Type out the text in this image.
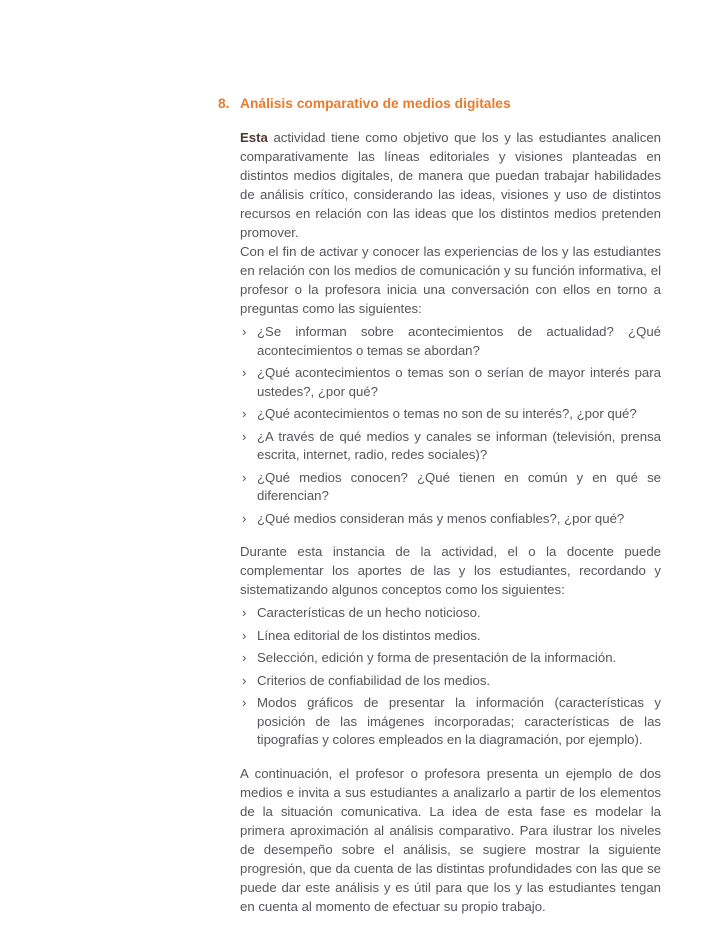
8. Análisis comparativo de medios digitales

Esta actividad tiene como objetivo que los y las estudiantes analicen comparativamente las líneas editoriales y visiones planteadas en distintos medios digitales, de manera que puedan trabajar habilidades de análisis crítico, considerando las ideas, visiones y uso de distintos recursos en relación con las ideas que los distintos medios pretenden promover.

Con el fin de activar y conocer las experiencias de los y las estudiantes en relación con los medios de comunicación y su función informativa, el profesor o la profesora inicia una conversación con ellos en torno a preguntas como las siguientes:

› ¿Se informan sobre acontecimientos de actualidad? ¿Qué acontecimientos o temas se abordan?
› ¿Qué acontecimientos o temas son o serían de mayor interés para ustedes?, ¿por qué?
› ¿Qué acontecimientos o temas no son de su interés?, ¿por qué?
› ¿A través de qué medios y canales se informan (televisión, prensa escrita, internet, radio, redes sociales)?
› ¿Qué medios conocen? ¿Qué tienen en común y en qué se diferencian?
› ¿Qué medios consideran más y menos confiables?, ¿por qué?

Durante esta instancia de la actividad, el o la docente puede complementar los aportes de las y los estudiantes, recordando y sistematizando algunos conceptos como los siguientes:

› Características de un hecho noticioso.
› Línea editorial de los distintos medios.
› Selección, edición y forma de presentación de la información.
› Criterios de confiabilidad de los medios.
› Modos gráficos de presentar la información (características y posición de las imágenes incorporadas; características de las tipografías y colores empleados en la diagramación, por ejemplo).

A continuación, el profesor o profesora presenta un ejemplo de dos medios e invita a sus estudiantes a analizarlo a partir de los elementos de la situación comunicativa. La idea de esta fase es modelar la primera aproximación al análisis comparativo. Para ilustrar los niveles de desempeño sobre el análisis, se sugiere mostrar la siguiente progresión, que da cuenta de las distintas profundidades con las que se puede dar este análisis y es útil para que los y las estudiantes tengan en cuenta al momento de efectuar su propio trabajo.
